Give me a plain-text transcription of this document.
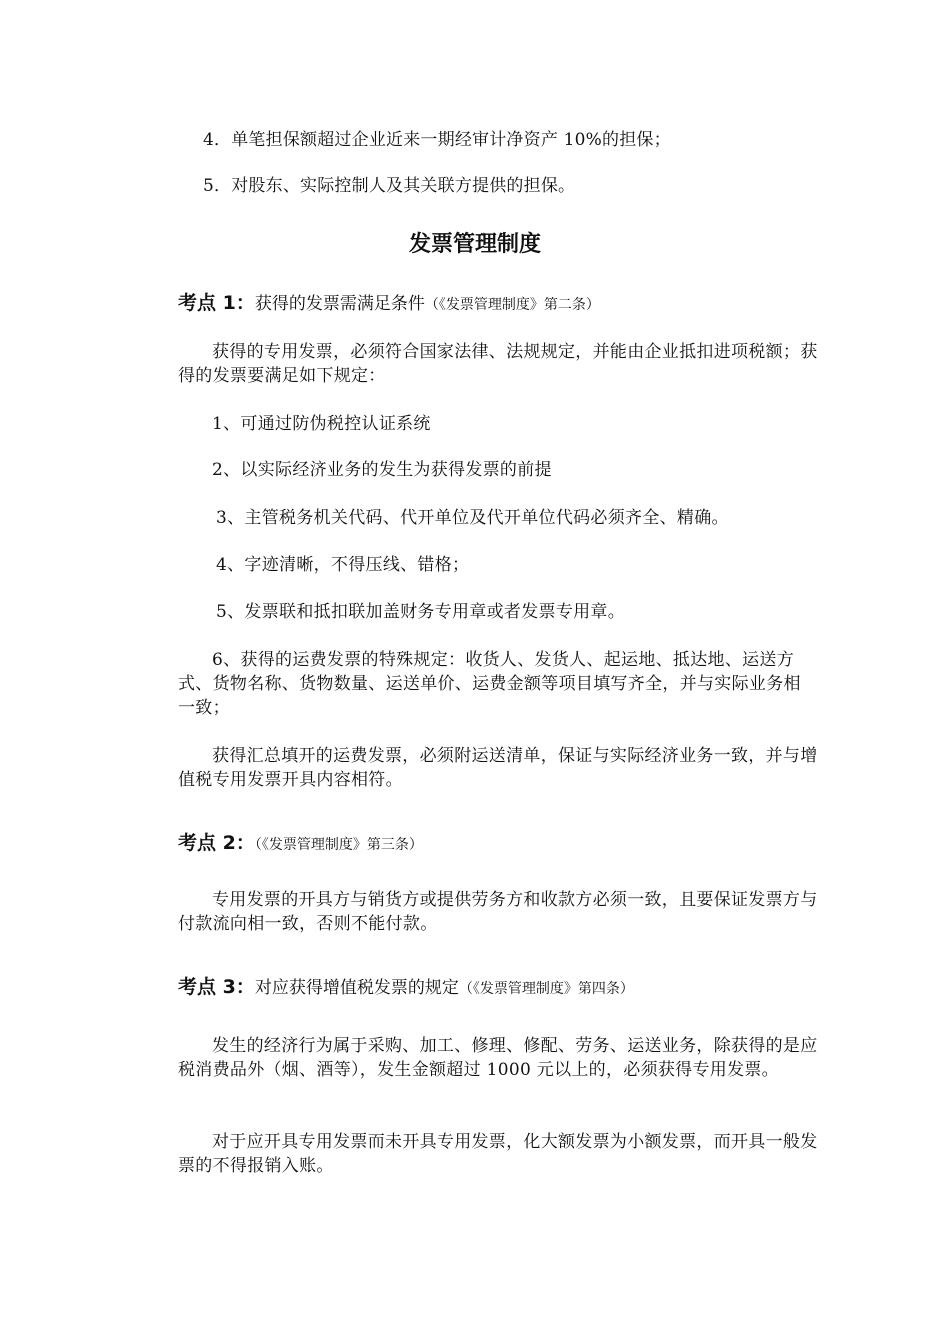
4．单笔担保额超过企业近来一期经审计净资产 10%的担保；
5．对股东、实际控制人及其关联方提供的担保。
发票管理制度
考点 1：获得的发票需满足条件（《发票管理制度》第二条）
获得的专用发票，必须符合国家法律、法规规定，并能由企业抵扣进项税额；获得的发票要满足如下规定：
1、可通过防伪税控认证系统
2、以实际经济业务的发生为获得发票的前提
3、主管税务机关代码、代开单位及代开单位代码必须齐全、精确。
4、字迹清晰，不得压线、错格；
5、发票联和抵扣联加盖财务专用章或者发票专用章。
6、获得的运费发票的特殊规定：收货人、发货人、起运地、抵达地、运送方式、货物名称、货物数量、运送单价、运费金额等项目填写齐全，并与实际业务相一致；
获得汇总填开的运费发票，必须附运送清单，保证与实际经济业务一致，并与增值税专用发票开具内容相符。
考点 2：（《发票管理制度》第三条）
专用发票的开具方与销货方或提供劳务方和收款方必须一致，且要保证发票方与付款流向相一致，否则不能付款。
考点 3：对应获得增值税发票的规定（《发票管理制度》第四条）
发生的经济行为属于采购、加工、修理、修配、劳务、运送业务，除获得的是应税消费品外（烟、酒等），发生金额超过 1000 元以上的，必须获得专用发票。
对于应开具专用发票而未开具专用发票，化大额发票为小额发票，而开具一般发票的不得报销入账。
